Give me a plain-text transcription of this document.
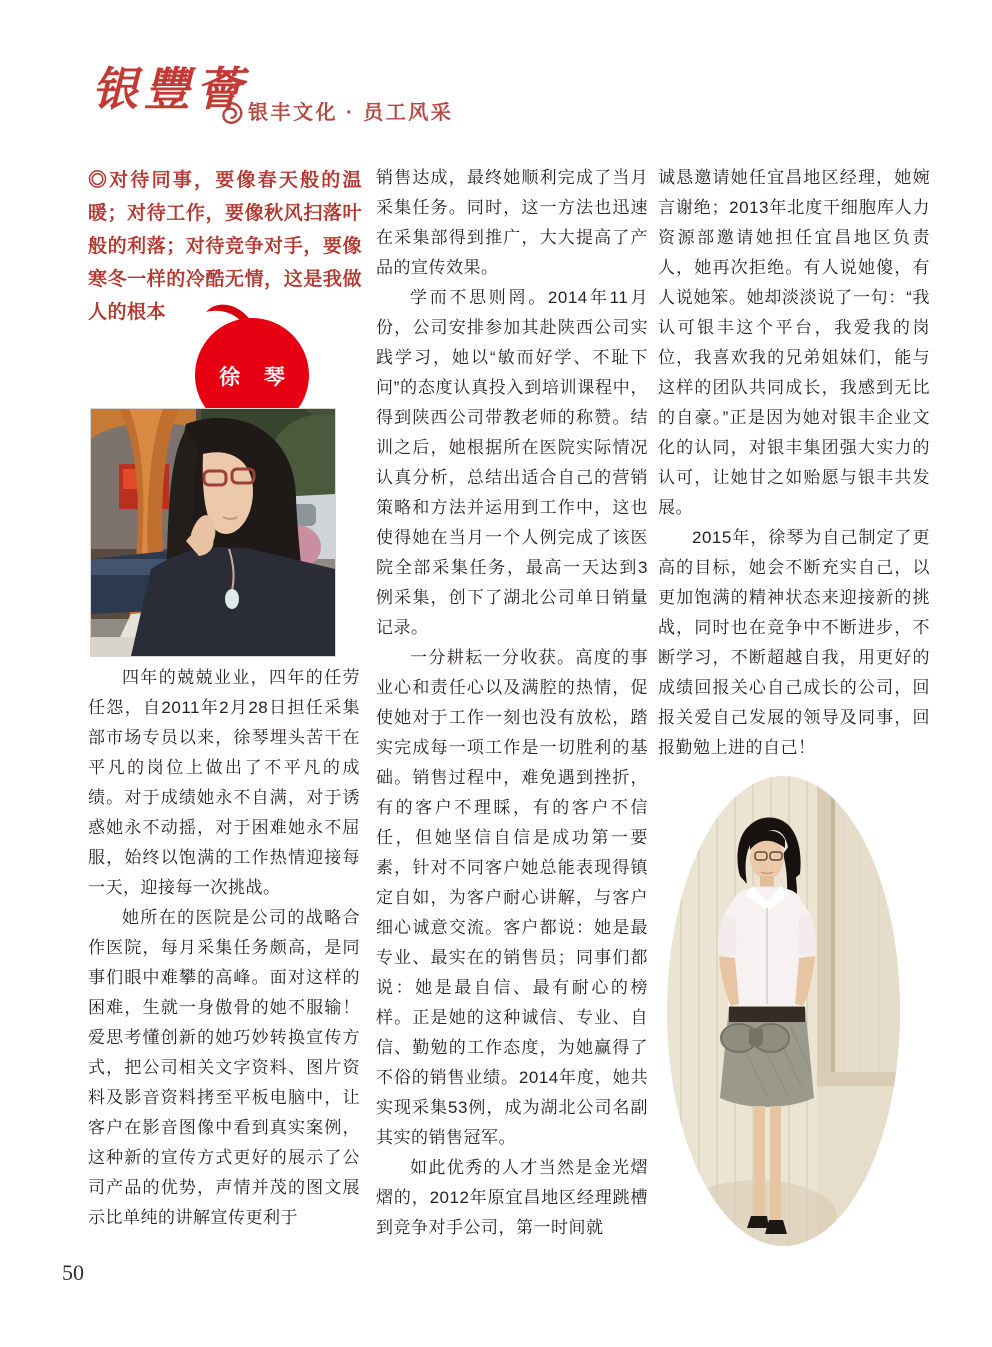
银豐薈 银丰文化 · 员工风采
◎对待同事，要像春天般的温暖；对待工作，要像秋风扫落叶般的利落；对待竞争对手，要像寒冬一样的冷酷无情，这是我做人的根本
徐 琴

四年的兢兢业业，四年的任劳任怨，自2011年2月28日担任采集部市场专员以来，徐琴埋头苦干在平凡的岗位上做出了不平凡的成绩。对于成绩她永不自满，对于诱惑她永不动摇，对于困难她永不屈服，始终以饱满的工作热情迎接每一天，迎接每一次挑战。

她所在的医院是公司的战略合作医院，每月采集任务颇高，是同事们眼中难攀的高峰。面对这样的困难，生就一身傲骨的她不服输！爱思考懂创新的她巧妙转换宣传方式，把公司相关文字资料、图片资料及影音资料拷至平板电脑中，让客户在影音图像中看到真实案例，这种新的宣传方式更好的展示了公司产品的优势，声情并茂的图文展示比单纯的讲解宣传更利于

销售达成，最终她顺利完成了当月采集任务。同时，这一方法也迅速在采集部得到推广，大大提高了产品的宣传效果。

学而不思则罔。2014年11月份，公司安排参加其赴陕西公司实践学习，她以“敏而好学、不耻下问”的态度认真投入到培训课程中，得到陕西公司带教老师的称赞。结训之后，她根据所在医院实际情况认真分析，总结出适合自己的营销策略和方法并运用到工作中，这也使得她在当月一个人例完成了该医院全部采集任务，最高一天达到3例采集，创下了湖北公司单日销量记录。

一分耕耘一分收获。高度的事业心和责任心以及满腔的热情，促使她对于工作一刻也没有放松，踏实完成每一项工作是一切胜利的基础。销售过程中，难免遇到挫折，有的客户不理睬，有的客户不信任，但她坚信自信是成功第一要素，针对不同客户她总能表现得镇定自如，为客户耐心讲解，与客户细心诚意交流。客户都说：她是最专业、最实在的销售员；同事们都说：她是最自信、最有耐心的榜样。正是她的这种诚信、专业、自信、勤勉的工作态度，为她赢得了不俗的销售业绩。2014年度，她共实现采集53例，成为湖北公司名副其实的销售冠军。

如此优秀的人才当然是金光熠熠的，2012年原宜昌地区经理跳槽到竞争对手公司，第一时间就

诚恳邀请她任宜昌地区经理，她婉言谢绝；2013年北度干细胞库人力资源部邀请她担任宜昌地区负责人，她再次拒绝。有人说她傻，有人说她笨。她却淡淡说了一句：“我认可银丰这个平台，我爱我的岗位，我喜欢我的兄弟姐妹们，能与这样的团队共同成长，我感到无比的自豪。”正是因为她对银丰企业文化的认同，对银丰集团强大实力的认可，让她甘之如贻愿与银丰共发展。

2015年，徐琴为自己制定了更高的目标，她会不断充实自己，以更加饱满的精神状态来迎接新的挑战，同时也在竞争中不断进步，不断学习，不断超越自我，用更好的成绩回报关心自己成长的公司，回报关爱自己发展的领导及同事，回报勤勉上进的自己！

50
